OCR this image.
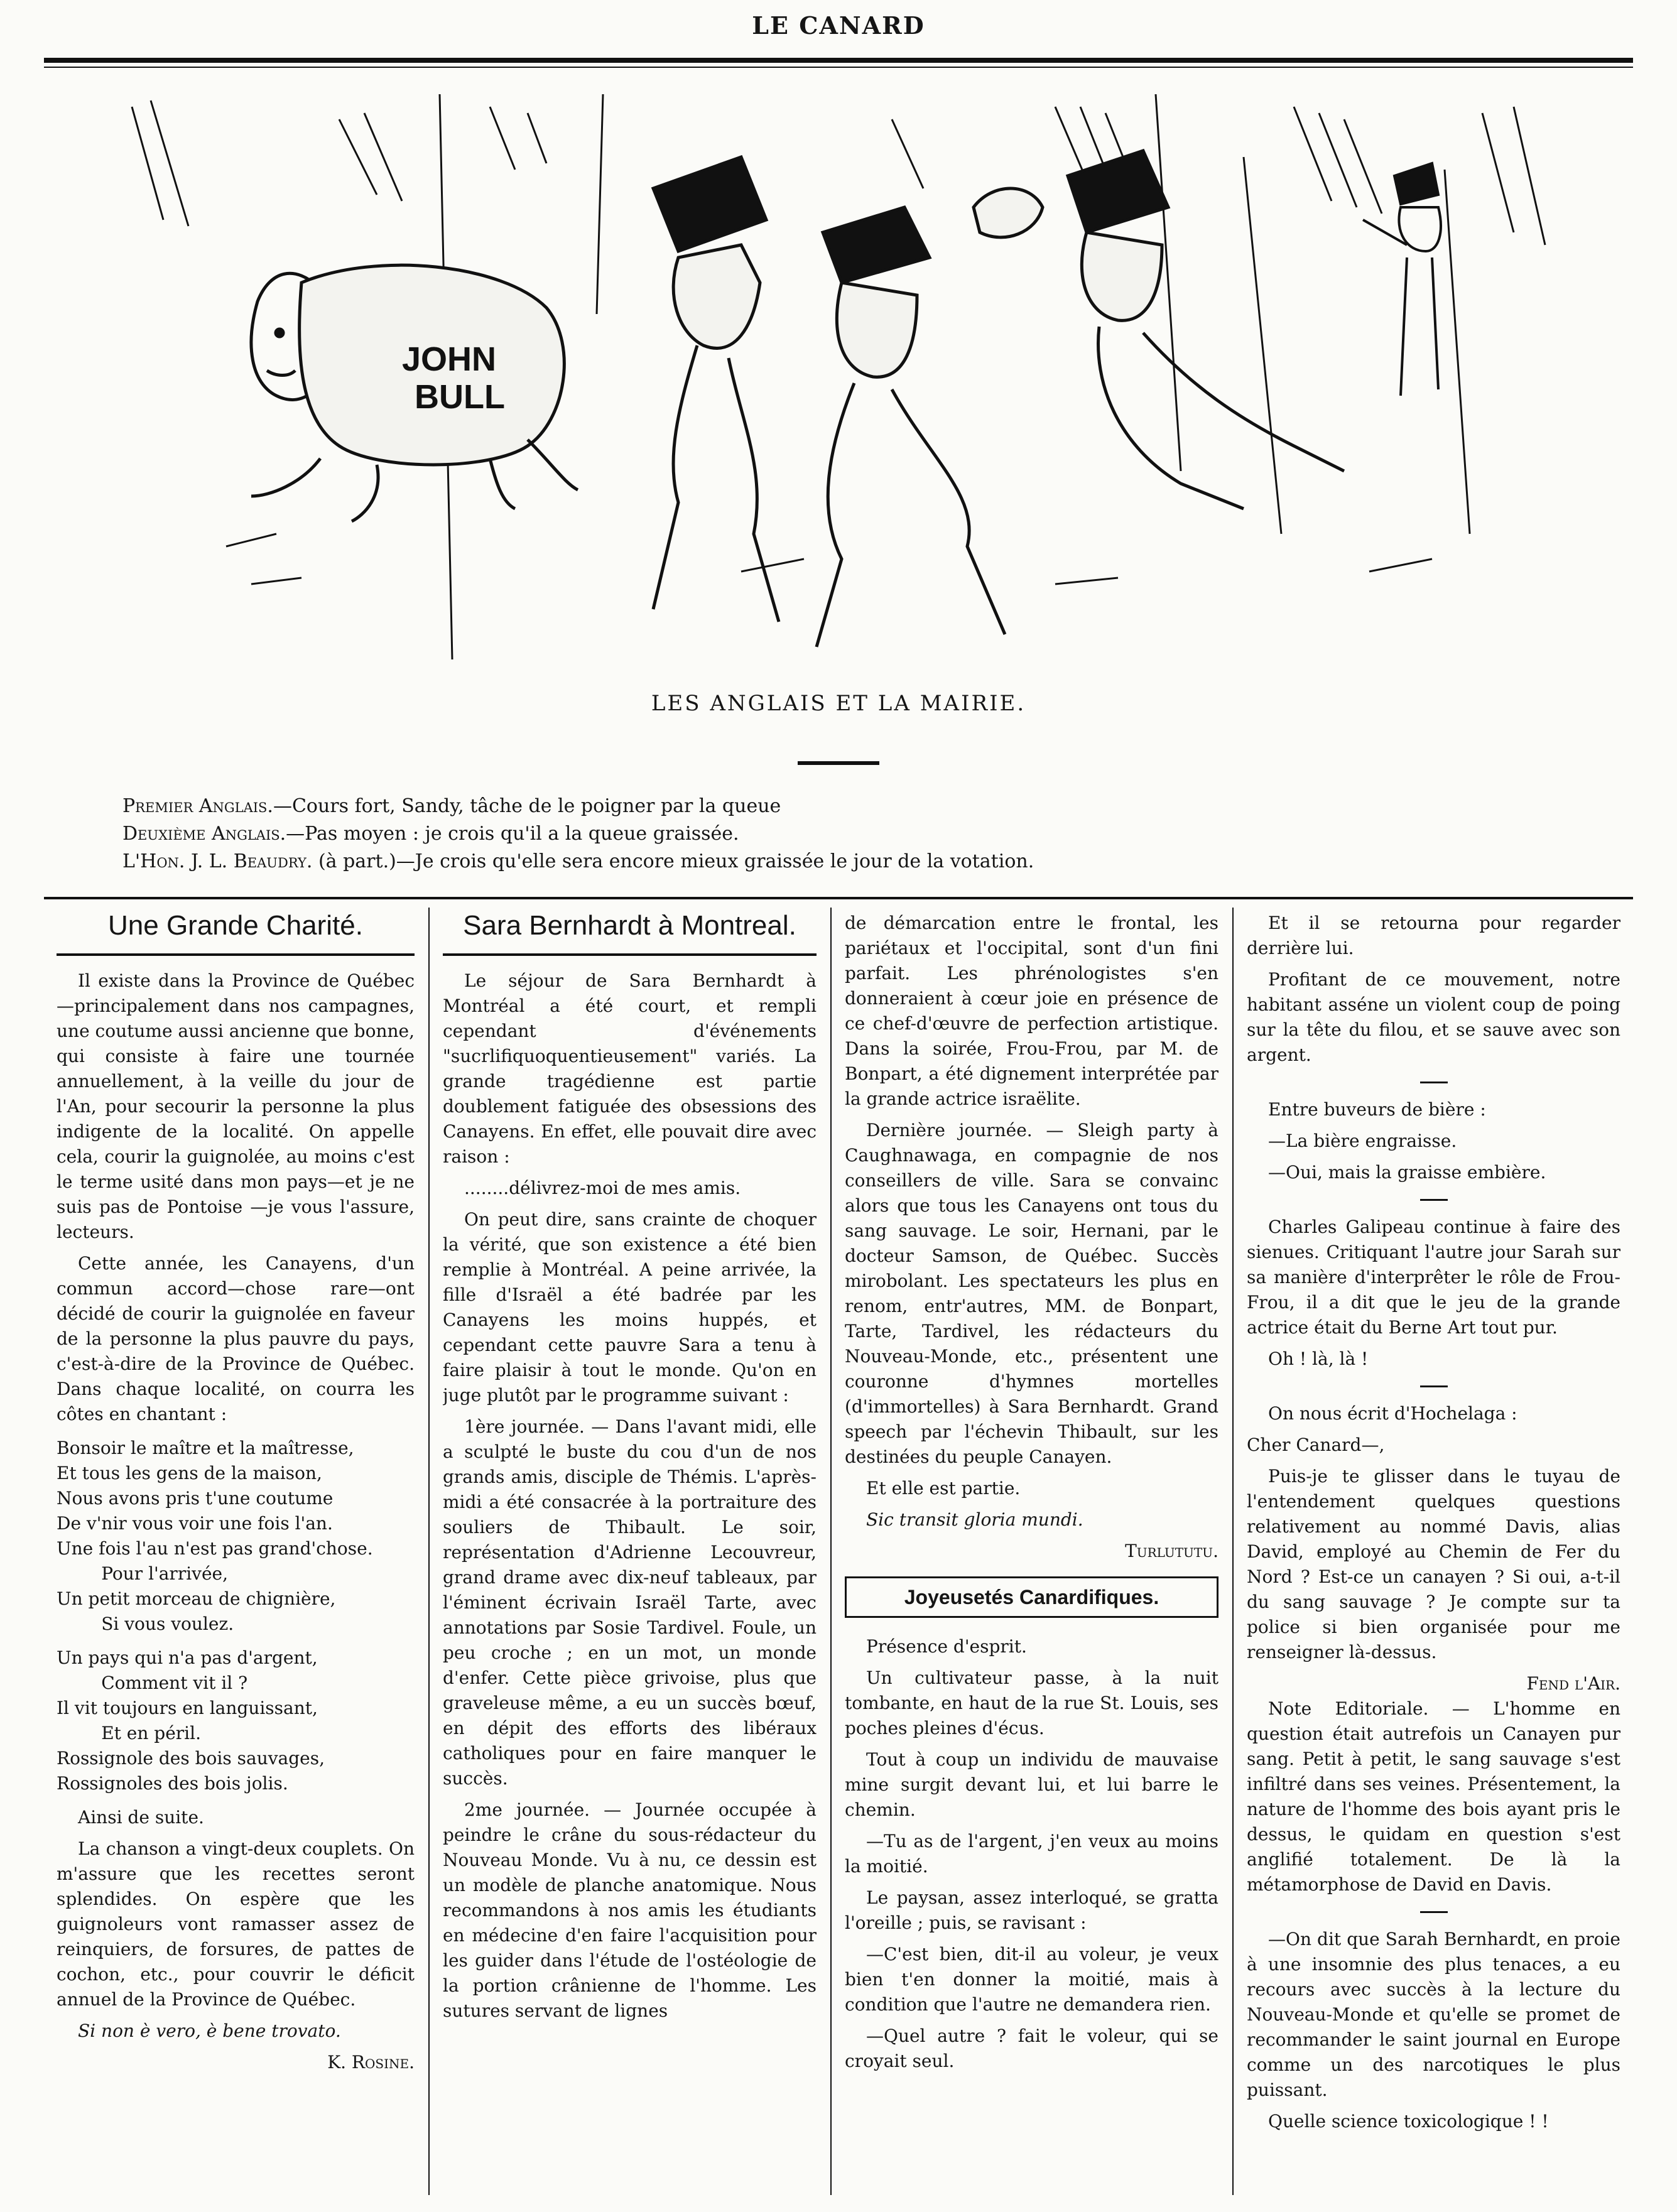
LE CANARD
JOHN
BULL
LES ANGLAIS ET LA MAIRIE.
Premier Anglais.—Cours fort, Sandy, tâche de le poigner par la queue
Deuxième Anglais.—Pas moyen : je crois qu'il a la queue graissée.
L'Hon. J. L. Beaudry. (à part.)—Je crois qu'elle sera encore mieux graissée le jour de la votation.
Une Grande Charité.

Il existe dans la Province de Québec —principalement dans nos campagnes, une coutume aussi ancienne que bonne, qui consiste à faire une tournée annuellement, à la veille du jour de l'An, pour secourir la personne la plus indigente de la localité. On appelle cela, courir la guignolée, au moins c'est le terme usité dans mon pays—et je ne suis pas de Pontoise —je vous l'assure, lecteurs.

Cette année, les Canayens, d'un commun accord—chose rare—ont décidé de courir la guignolée en faveur de la personne la plus pauvre du pays, c'est-à-dire de la Province de Québec. Dans chaque localité, on courra les côtes en chantant :

Bonsoir le maître et la maîtresse,
Et tous les gens de la maison,
Nous avons pris t'une coutume
De v'nir vous voir une fois l'an.
Une fois l'au n'est pas grand'chose.
Pour l'arrivée,
Un petit morceau de chignière,
Si vous voulez.
Un pays qui n'a pas d'argent,
Comment vit il ?
Il vit toujours en languissant,
Et en péril.
Rossignole des bois sauvages,
Rossignoles des bois jolis.

Ainsi de suite.

La chanson a vingt-deux couplets. On m'assure que les recettes seront splendides. On espère que les guignoleurs vont ramasser assez de reinquiers, de forsures, de pattes de cochon, etc., pour couvrir le déficit annuel de la Province de Québec.

Si non è vero, è bene trovato.

K. Rosine.
Sara Bernhardt à Montreal.

Le séjour de Sara Bernhardt à Montréal a été court, et rempli cependant d'événements "sucrlifiquoquentieusement" variés. La grande tragédienne est partie doublement fatiguée des obsessions des Canayens. En effet, elle pouvait dire avec raison :

........délivrez-moi de mes amis.

On peut dire, sans crainte de choquer la vérité, que son existence a été bien remplie à Montréal. A peine arrivée, la fille d'Israël a été badrée par les Canayens les moins huppés, et cependant cette pauvre Sara a tenu à faire plaisir à tout le monde. Qu'on en juge plutôt par le programme suivant :

1ère journée. — Dans l'avant midi, elle a sculpté le buste du cou d'un de nos grands amis, disciple de Thémis. L'après-midi a été consacrée à la portraiture des souliers de Thibault. Le soir, représentation d'Adrienne Lecouvreur, grand drame avec dix-neuf tableaux, par l'éminent écrivain Israël Tarte, avec annotations par Sosie Tardivel. Foule, un peu croche ; en un mot, un monde d'enfer. Cette pièce grivoise, plus que graveleuse même, a eu un succès bœuf, en dépit des efforts des libéraux catholiques pour en faire manquer le succès.

2me journée. — Journée occupée à peindre le crâne du sous-rédacteur du Nouveau Monde. Vu à nu, ce dessin est un modèle de planche anatomique. Nous recommandons à nos amis les étudiants en médecine d'en faire l'acquisition pour les guider dans l'étude de l'ostéologie de la portion crânienne de l'homme. Les sutures servant de lignes

de démarcation entre le frontal, les pariétaux et l'occipital, sont d'un fini parfait. Les phrénologistes s'en donneraient à cœur joie en présence de ce chef-d'œuvre de perfection artistique. Dans la soirée, Frou-Frou, par M. de Bonpart, a été dignement interprétée par la grande actrice israëlite.

Dernière journée. — Sleigh party à Caughnawaga, en compagnie de nos conseillers de ville. Sara se convainc alors que tous les Canayens ont tous du sang sauvage. Le soir, Hernani, par le docteur Samson, de Québec. Succès mirobolant. Les spectateurs les plus en renom, entr'autres, MM. de Bonpart, Tarte, Tardivel, les rédacteurs du Nouveau-Monde, etc., présentent une couronne d'hymnes mortelles (d'immortelles) à Sara Bernhardt. Grand speech par l'échevin Thibault, sur les destinées du peuple Canayen.

Et elle est partie.

Sic transit gloria mundi.

Turlututu.
Joyeusetés Canardifiques.

Présence d'esprit.

Un cultivateur passe, à la nuit tombante, en haut de la rue St. Louis, ses poches pleines d'écus.

Tout à coup un individu de mauvaise mine surgit devant lui, et lui barre le chemin.

—Tu as de l'argent, j'en veux au moins la moitié.

Le paysan, assez interloqué, se gratta l'oreille ; puis, se ravisant :

—C'est bien, dit-il au voleur, je veux bien t'en donner la moitié, mais à condition que l'autre ne demandera rien.

—Quel autre ? fait le voleur, qui se croyait seul.

Et il se retourna pour regarder derrière lui.

Profitant de ce mouvement, notre habitant asséne un violent coup de poing sur la tête du filou, et se sauve avec son argent.

Entre buveurs de bière :

—La bière engraisse.

—Oui, mais la graisse embière.

Charles Galipeau continue à faire des sienues. Critiquant l'autre jour Sarah sur sa manière d'interprêter le rôle de Frou-Frou, il a dit que le jeu de la grande actrice était du Berne Art tout pur.

Oh ! là, là !

On nous écrit d'Hochelaga :

Cher Canard—,

Puis-je te glisser dans le tuyau de l'entendement quelques questions relativement au nommé Davis, alias David, employé au Chemin de Fer du Nord ? Est-ce un canayen ? Si oui, a-t-il du sang sauvage ? Je compte sur ta police si bien organisée pour me renseigner là-dessus.

Fend l'Air.

Note Editoriale. — L'homme en question était autrefois un Canayen pur sang. Petit à petit, le sang sauvage s'est infiltré dans ses veines. Présentement, la nature de l'homme des bois ayant pris le dessus, le quidam en question s'est anglifié totalement. De là la métamorphose de David en Davis.

—On dit que Sarah Bernhardt, en proie à une insomnie des plus tenaces, a eu recours avec succès à la lecture du Nouveau-Monde et qu'elle se promet de recommander le saint journal en Europe comme un des narcotiques le plus puissant.

Quelle science toxicologique ! !
